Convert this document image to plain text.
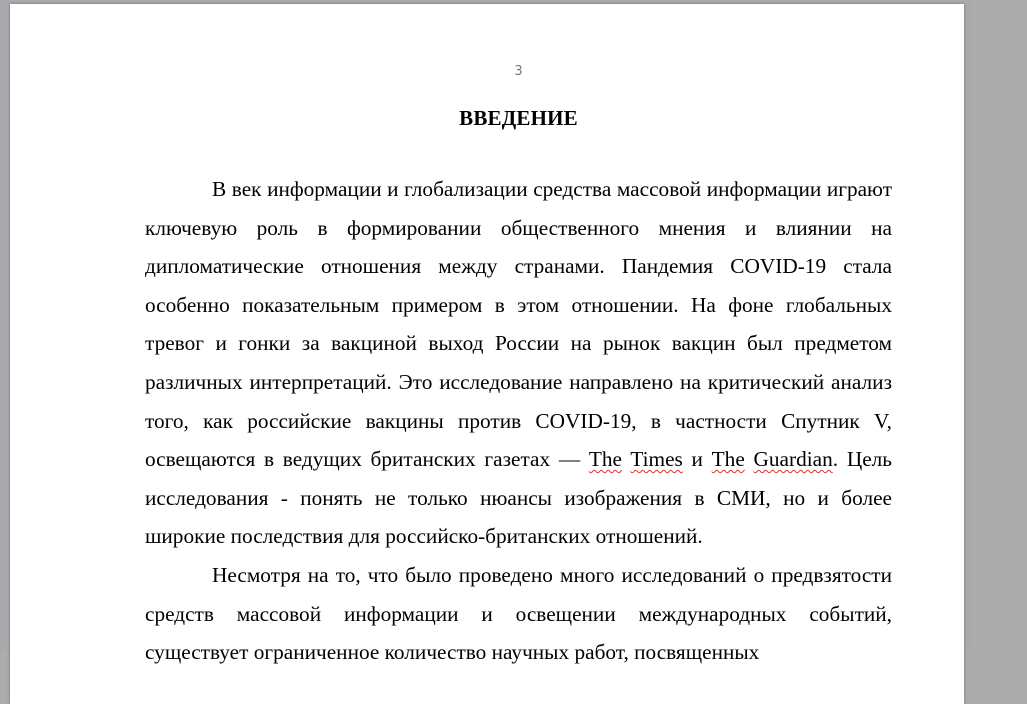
3
ВВЕДЕНИЕ

В век информации и глобализации средства массовой информации играют ключевую роль в формировании общественного мнения и влиянии на дипломатические отношения между странами. Пандемия COVID-19 стала особенно показательным примером в этом отношении. На фоне глобальных тревог и гонки за вакциной выход России на рынок вакцин был предметом различных интерпретаций. Это исследование направлено на критический анализ того, как российские вакцины против COVID-19, в частности Спутник V, освещаются в ведущих британских газетах — The Times и The Guardian. Цель исследования - понять не только нюансы изображения в СМИ, но и более широкие последствия для российско-британских отношений.

Несмотря на то, что было проведено много исследований о предвзятости средств массовой информации и освещении международных событий, существует ограниченное количество научных работ, посвященных
